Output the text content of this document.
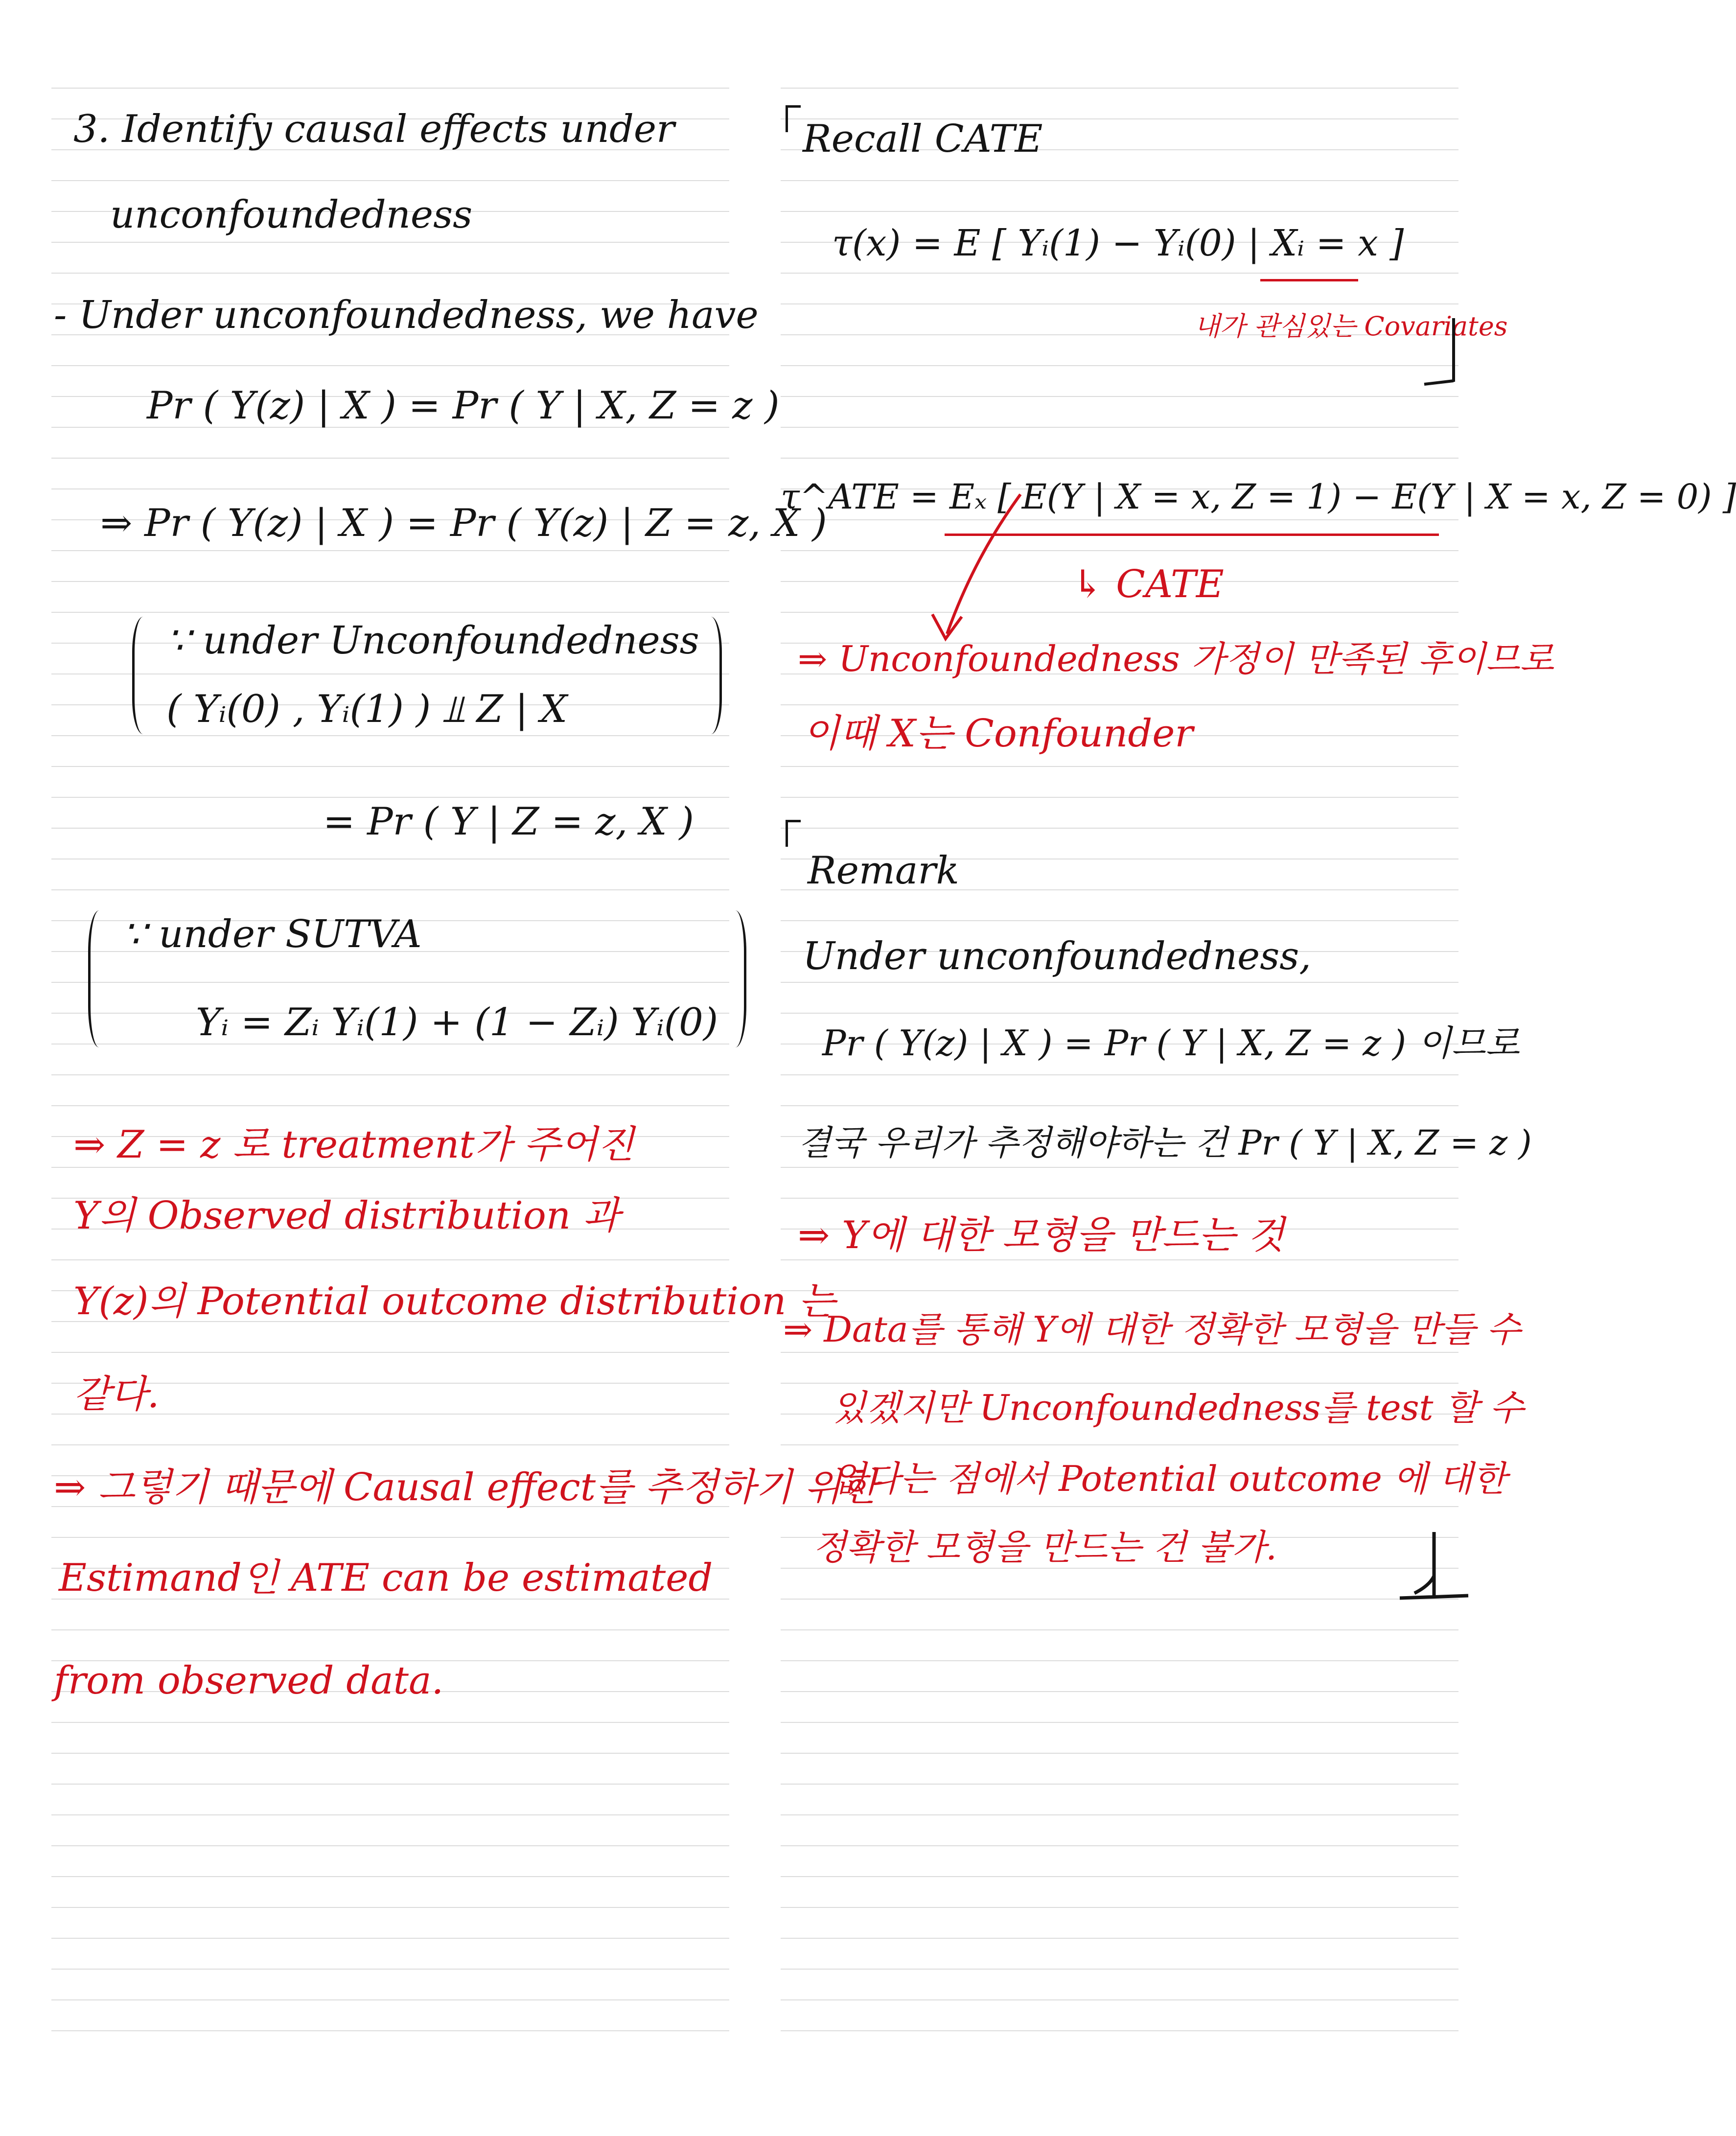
3. Identify causal effects under
unconfoundedness
- Under unconfoundedness, we have
Pr ( Y(z) | X ) = Pr ( Y | X, Z = z )
⇒ Pr ( Y(z) | X ) = Pr ( Y(z) | Z = z, X )
∵ under Unconfoundedness
( Yᵢ(0) , Yᵢ(1) ) ⫫ Z | X
= Pr ( Y | Z = z, X )
∵ under SUTVA
Yᵢ = Zᵢ Yᵢ(1) + (1 − Zᵢ) Yᵢ(0)
⇒ Z = z 로 treatment가 주어진
Y의 Observed distribution 과
Y(z)의 Potential outcome distribution 는
같다.
⇒ 그렇기 때문에 Causal effect를 추정하기 위한
Estimand인 ATE can be estimated
from observed data.
Recall CATE
τ(x) = E [ Yᵢ(1) − Yᵢ(0) | Xᵢ = x ]
내가 관심있는 Covariates
τ^ATE = Eₓ [ E(Y | X = x, Z = 1) − E(Y | X = x, Z = 0) ]
↳ CATE
⇒ Unconfoundedness 가정이 만족된 후이므로
이때 X는 Confounder
Remark
Under unconfoundedness,
Pr ( Y(z) | X ) = Pr ( Y | X, Z = z ) 이므로
결국 우리가 추정해야하는 건 Pr ( Y | X, Z = z )
⇒ Y에 대한 모형을 만드는 것
⇒ Data를 통해 Y에 대한 정확한 모형을 만들 수
있겠지만 Unconfoundedness를 test 할 수
없다는 점에서 Potential outcome 에 대한
정확한 모형을 만드는 건 불가.
